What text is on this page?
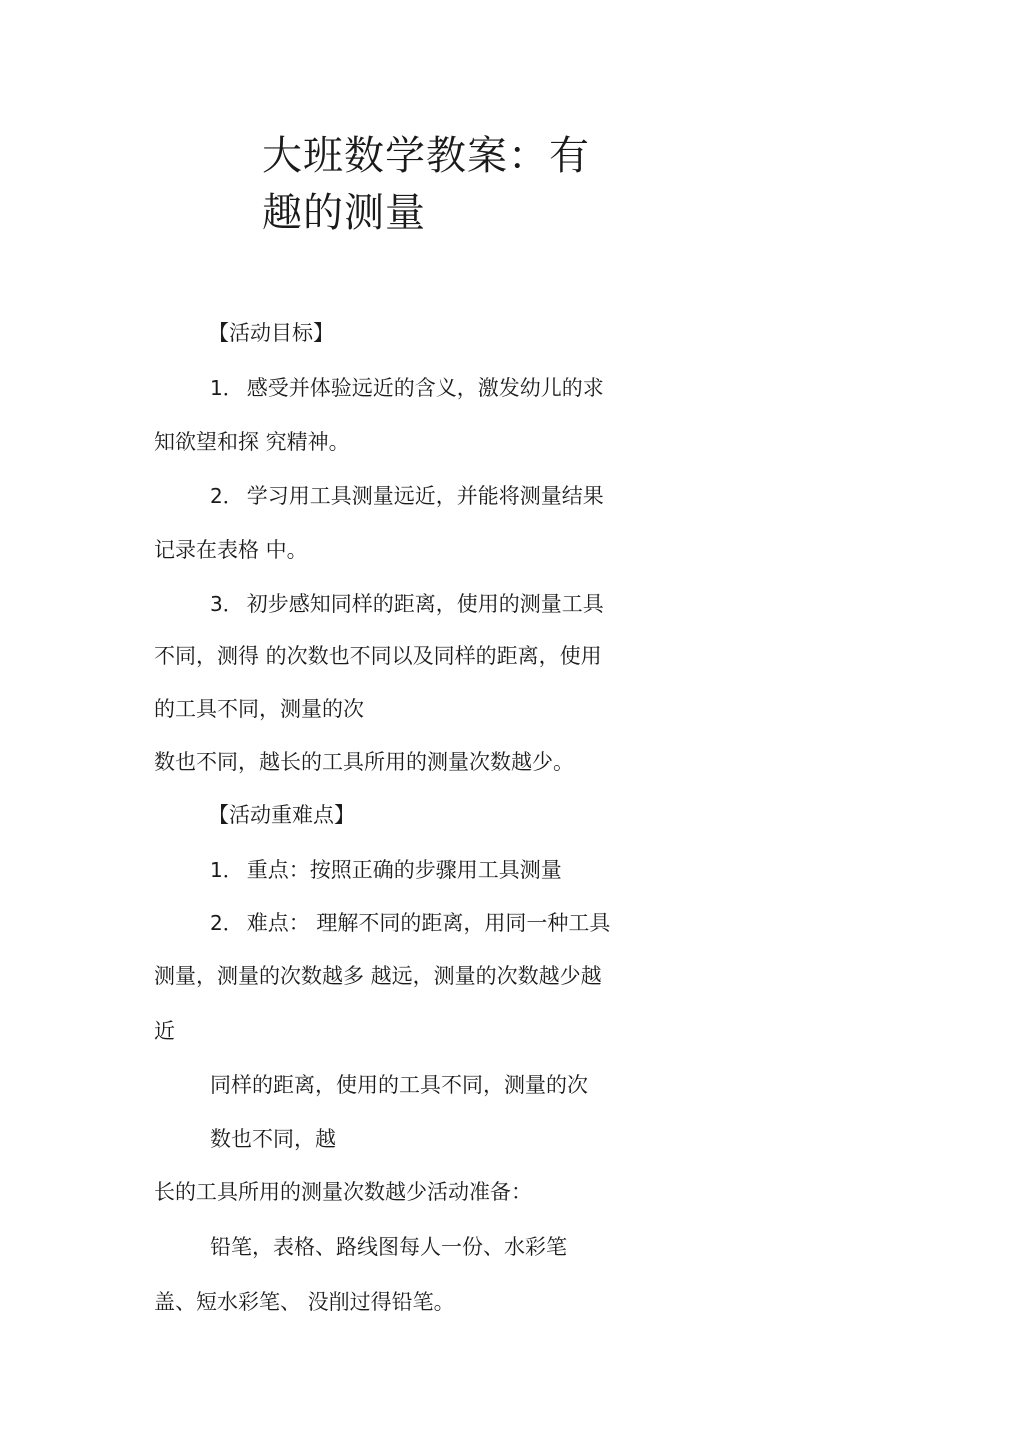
大班数学教案：有
趣的测量

【活动目标】

1． 感受并体验远近的含义，激发幼儿的求

知欲望和探 究精神。

2． 学习用工具测量远近，并能将测量结果

记录在表格 中。

3． 初步感知同样的距离，使用的测量工具

不同，测得 的次数也不同以及同样的距离，使用

的工具不同，测量的次

数也不同，越长的工具所用的测量次数越少。

【活动重难点】

1． 重点：按照正确的步骤用工具测量

2． 难点： 理解不同的距离，用同一种工具

测量，测量的次数越多 越远，测量的次数越少越

近

同样的距离，使用的工具不同，测量的次

数也不同，越

长的工具所用的测量次数越少活动准备：

铅笔，表格、路线图每人一份、水彩笔

盖、短水彩笔、 没削过得铅笔。
